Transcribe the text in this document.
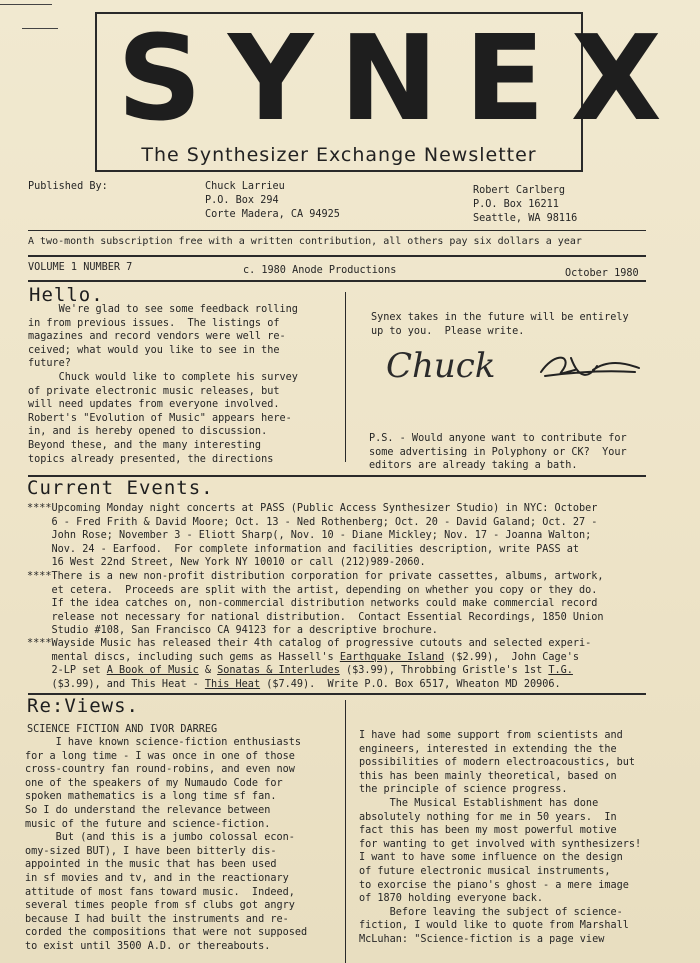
SYNEX
The Synthesizer Exchange Newsletter
Published By:	Chuck Larrieu
P.O. Box 294
Corte Madera, CA 94925
Robert Carlberg
P.O. Box 16211
Seattle, WA 98116
A two-month subscription free with a written contribution, all others pay six dollars a year
VOLUME 1 NUMBER 7	c. 1980 Anode Productions	October 1980
Hello.

We're glad to see some feedback rolling

in from previous issues.  The listings of

magazines and record vendors were well re-

ceived; what would you like to see in the

future?

Chuck would like to complete his survey

of private electronic music releases, but

will need updates from everyone involved.

Robert's "Evolution of Music" appears here-

in, and is hereby opened to discussion.

Beyond these, and the many interesting

topics already presented, the directions

Synex takes in the future will be entirely

up to you.  Please write.

Chuck

P.S. - Would anyone want to contribute for

some advertising in Polyphony or CK?  Your

editors are already taking a bath.

Current Events.

****Upcoming Monday night concerts at PASS (Public Access Synthesizer Studio) in NYC: October

6 - Fred Frith & David Moore; Oct. 13 - Ned Rothenberg; Oct. 20 - David Galand; Oct. 27 -

John Rose; November 3 - Eliott Sharp(, Nov. 10 - Diane Mickley; Nov. 17 - Joanna Walton;

Nov. 24 - Earfood.  For complete information and facilities description, write PASS at

16 West 22nd Street, New York NY 10010 or call (212)989-2060.

****There is a new non-profit distribution corporation for private cassettes, albums, artwork,

et cetera.  Proceeds are split with the artist, depending on whether you copy or they do.

If the idea catches on, non-commercial distribution networks could make commercial record

release not necessary for national distribution.  Contact Essential Recordings, 1850 Union

Studio #108, San Francisco CA 94123 for a descriptive brochure.

****Wayside Music has released their 4th catalog of progressive cutouts and selected experi-

mental discs, including such gems as Hassell's Earthquake Island ($2.99),  John Cage's

2-LP set A Book of Music & Sonatas & Interludes ($3.99), Throbbing Gristle's 1st T.G.

($3.99), and This Heat - This Heat ($7.49).  Write P.O. Box 6517, Wheaton MD 20906.

Re:Views.
SCIENCE FICTION AND IVOR DARREG

I have known science-fiction enthusiasts

for a long time - I was once in one of those

cross-country fan round-robins, and even now

one of the speakers of my Numaudo Code for

spoken mathematics is a long time sf fan.

So I do understand the relevance between

music of the future and science-fiction.

But (and this is a jumbo colossal econ-

omy-sized BUT), I have been bitterly dis-

appointed in the music that has been used

in sf movies and tv, and in the reactionary

attitude of most fans toward music.  Indeed,

several times people from sf clubs got angry

because I had built the instruments and re-

corded the compositions that were not supposed

to exist until 3500 A.D. or thereabouts.

I have had some support from scientists and

engineers, interested in extending the the

possibilities of modern electroacoustics, but

this has been mainly theoretical, based on

the principle of science progress.

The Musical Establishment has done

absolutely nothing for me in 50 years.  In

fact this has been my most powerful motive

for wanting to get involved with synthesizers!

I want to have some influence on the design

of future electronic musical instruments,

to exorcise the piano's ghost - a mere image

of 1870 holding everyone back.

Before leaving the subject of science-

fiction, I would like to quote from Marshall

McLuhan: "Science-fiction is a page view
